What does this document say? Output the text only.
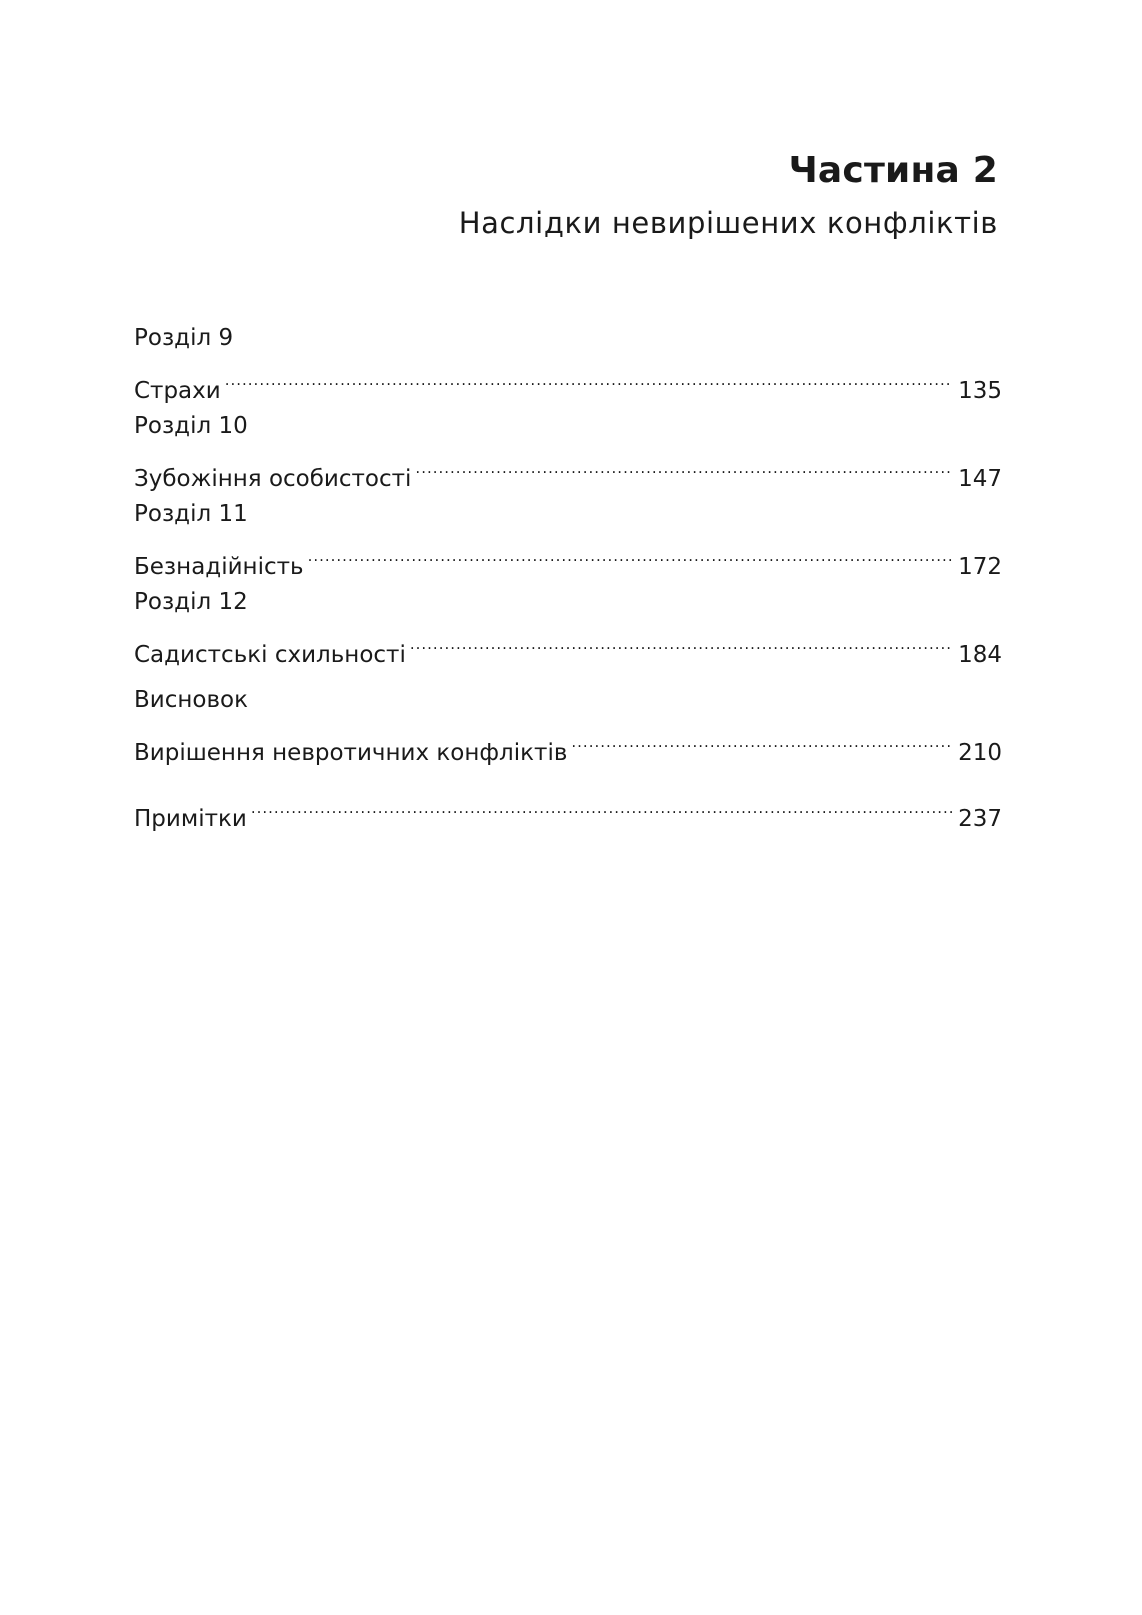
Частина 2
Наслідки невирішених конфліктів
Розділ 9
Страхи .....	135
Розділ 10
Зубожіння особистості .....	147
Розділ 11
Безнадійність .....	172
Розділ 12
Садистські схильності .....	184
Висновок
Вирішення невротичних конфліктів .....	210
Примітки .....	237
